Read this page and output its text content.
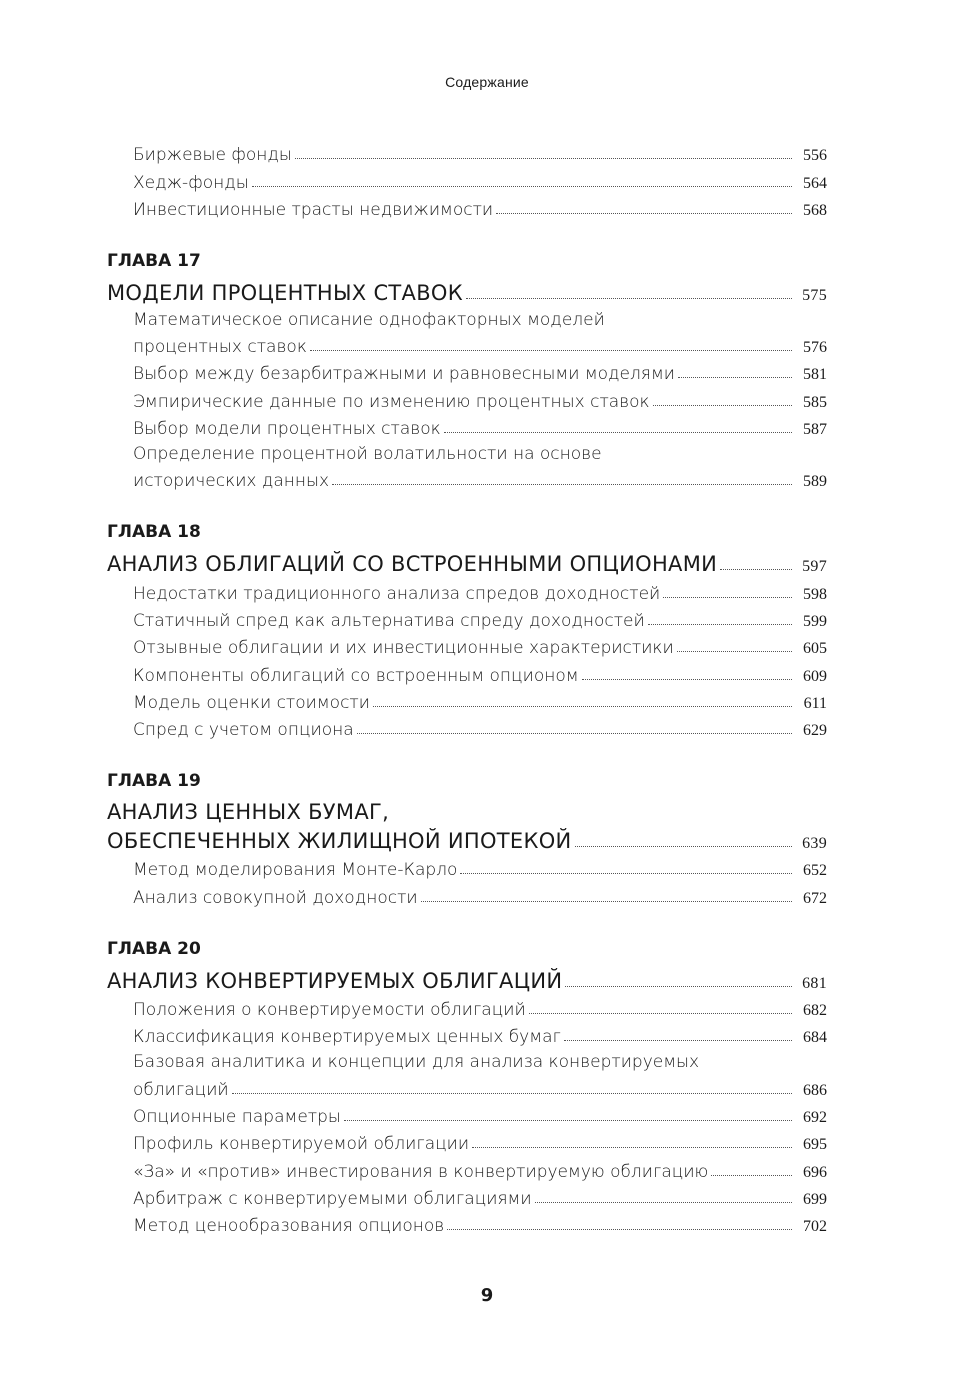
Содержание
Биржевые фонды	556
Хедж-фонды	564
Инвестиционные трасты недвижимости	568
ГЛАВА 17
МОДЕЛИ ПРОЦЕНТНЫХ СТАВОК	575
Математическое описание однофакторных моделей
процентных ставок	576
Выбор между безарбитражными и равновесными моделями	581
Эмпирические данные по изменению процентных ставок	585
Выбор модели процентных ставок	587
Определение процентной волатильности на основе
исторических данных	589
ГЛАВА 18
АНАЛИЗ ОБЛИГАЦИЙ СО ВСТРОЕННЫМИ ОПЦИОНАМИ	597
Недостатки традиционного анализа спредов доходностей	598
Статичный спред как альтернатива спреду доходностей	599
Отзывные облигации и их инвестиционные характеристики	605
Компоненты облигаций со встроенным опционом	609
Модель оценки стоимости	611
Спред с учетом опциона	629
ГЛАВА 19
АНАЛИЗ ЦЕННЫХ БУМАГ,
ОБЕСПЕЧЕННЫХ ЖИЛИЩНОЙ ИПОТЕКОЙ	639
Метод моделирования Монте-Карло	652
Анализ совокупной доходности	672
ГЛАВА 20
АНАЛИЗ КОНВЕРТИРУЕМЫХ ОБЛИГАЦИЙ	681
Положения о конвертируемости облигаций	682
Классификация конвертируемых ценных бумаг	684
Базовая аналитика и концепции для анализа конвертируемых
облигаций	686
Опционные параметры	692
Профиль конвертируемой облигации	695
«За» и «против» инвестирования в конвертируемую облигацию	696
Арбитраж с конвертируемыми облигациями	699
Метод ценообразования опционов	702
9
